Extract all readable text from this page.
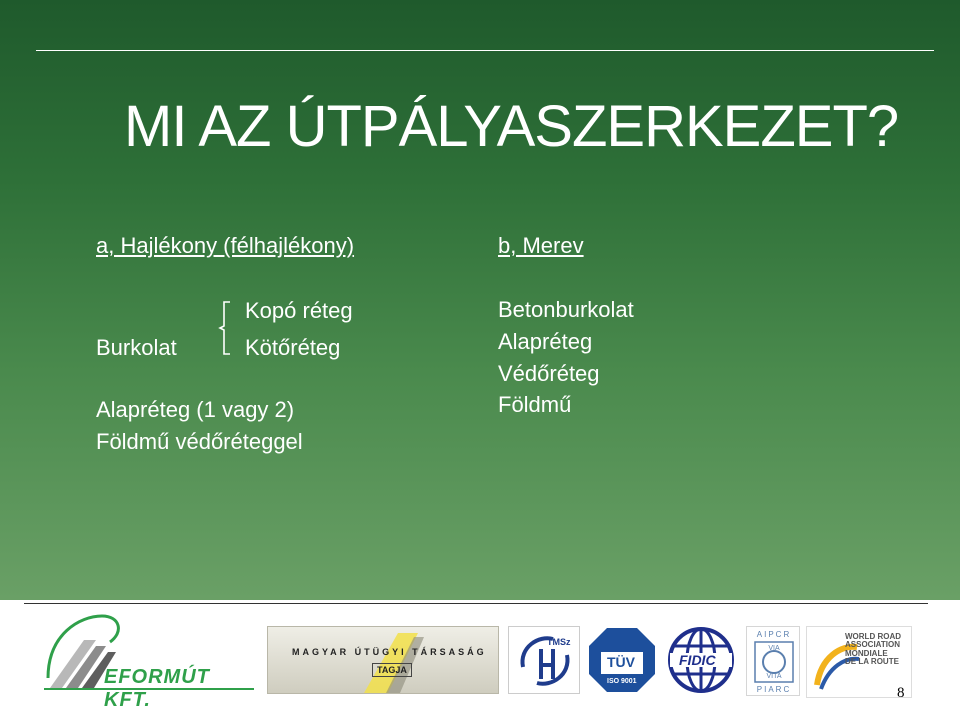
MI AZ ÚTPÁLYASZERKEZET?
a, Hajlékony (félhajlékony)	b, Merev
Burkolat
Kopó réteg
Kötőréteg
Alapréteg (1 vagy 2)
Földmű védőréteggel
Betonburkolat
Alapréteg
Védőréteg
Földmű
EFORMÚT KFT.
MAGYAR ÚTÜGYI TÁRSASÁG
TAGJA
TMSz
TÜV
ISO 9001
FIDIC
AIPCR
VIA
VITA
PIARC
WORLD ROAD
ASSOCIATION
MONDIALE
DE LA ROUTE
8
